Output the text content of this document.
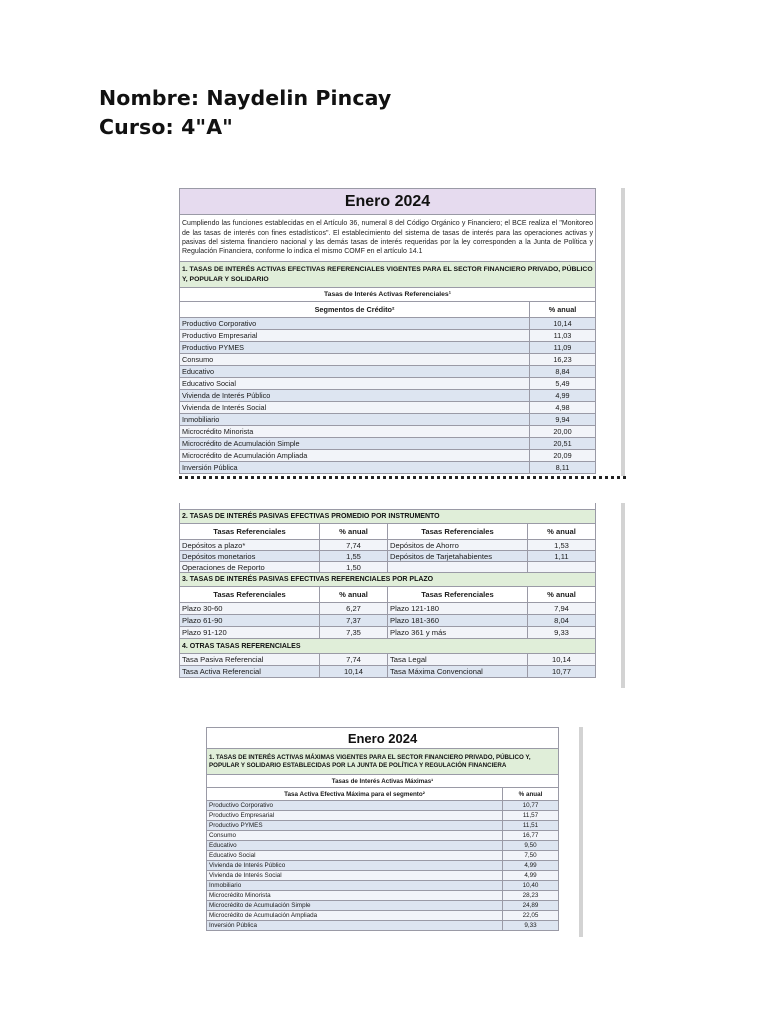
Nombre: Naydelin Pincay
Curso: 4"A"
Enero 2024	
Cumpliendo las funciones establecidas en el Artículo 36, numeral 8 del Código Orgánico y Financiero; el BCE realiza el "Monitoreo de las tasas de interés con fines estadísticos". El establecimiento del sistema de tasas de interés para las operaciones activas y pasivas del sistema financiero nacional y las demás tasas de interés requeridas por la ley corresponden a la Junta de Política y Regulación Financiera, conforme lo indica el mismo COMF en el artículo 14.1	
1. TASAS DE INTERÉS ACTIVAS EFECTIVAS REFERENCIALES VIGENTES PARA EL SECTOR FINANCIERO PRIVADO, PÚBLICO Y, POPULAR Y SOLIDARIO	
Tasas de Interés Activas Referenciales¹	
Segmentos de Crédito²	% anual
Productivo Corporativo	10,14
Productivo Empresarial	11,03
Productivo PYMES	11,09
Consumo	16,23
Educativo	8,84
Educativo Social	5,49
Vivienda de Interés Público	4,99
Vivienda de Interés Social	4,98
Inmobiliario	9,94
Microcrédito Minorista	20,00
Microcrédito de Acumulación Simple	20,51
Microcrédito de Acumulación Ampliada	20,09
Inversión Pública	8,11

2. TASAS DE INTERÉS PASIVAS EFECTIVAS PROMEDIO POR INSTRUMENTO			
Tasas Referenciales	% anual	Tasas Referenciales	% anual
Depósitos a plazo*	7,74	Depósitos de Ahorro	1,53
Depósitos monetarios	1,55	Depósitos de Tarjetahabientes	1,11
Operaciones de Reporto	1,50		
3. TASAS DE INTERÉS PASIVAS EFECTIVAS REFERENCIALES POR PLAZO			
Tasas Referenciales	% anual	Tasas Referenciales	% anual
Plazo 30-60	6,27	Plazo 121-180	7,94
Plazo 61-90	7,37	Plazo 181-360	8,04
Plazo 91-120	7,35	Plazo 361 y más	9,33
4. OTRAS TASAS REFERENCIALES			
Tasa Pasiva Referencial	7,74	Tasa Legal	10,14
Tasa Activa Referencial	10,14	Tasa Máxima Convencional	10,77
Enero 2024	
1. TASAS DE INTERÉS ACTIVAS MÁXIMAS VIGENTES PARA EL SECTOR FINANCIERO PRIVADO, PÚBLICO Y, POPULAR Y SOLIDARIO ESTABLECIDAS POR LA JUNTA DE POLÍTICA Y REGULACIÓN FINANCIERA	
Tasas de Interés Activas Máximas¹	
Tasa Activa Efectiva Máxima para el segmento²	% anual
Productivo Corporativo	10,77
Productivo Empresarial	11,57
Productivo PYMES	11,51
Consumo	16,77
Educativo	9,50
Educativo Social	7,50
Vivienda de Interés Público	4,99
Vivienda de Interés Social	4,99
Inmobiliario	10,40
Microcrédito Minorista	28,23
Microcrédito de Acumulación Simple	24,89
Microcrédito de Acumulación Ampliada	22,05
Inversión Pública	9,33
